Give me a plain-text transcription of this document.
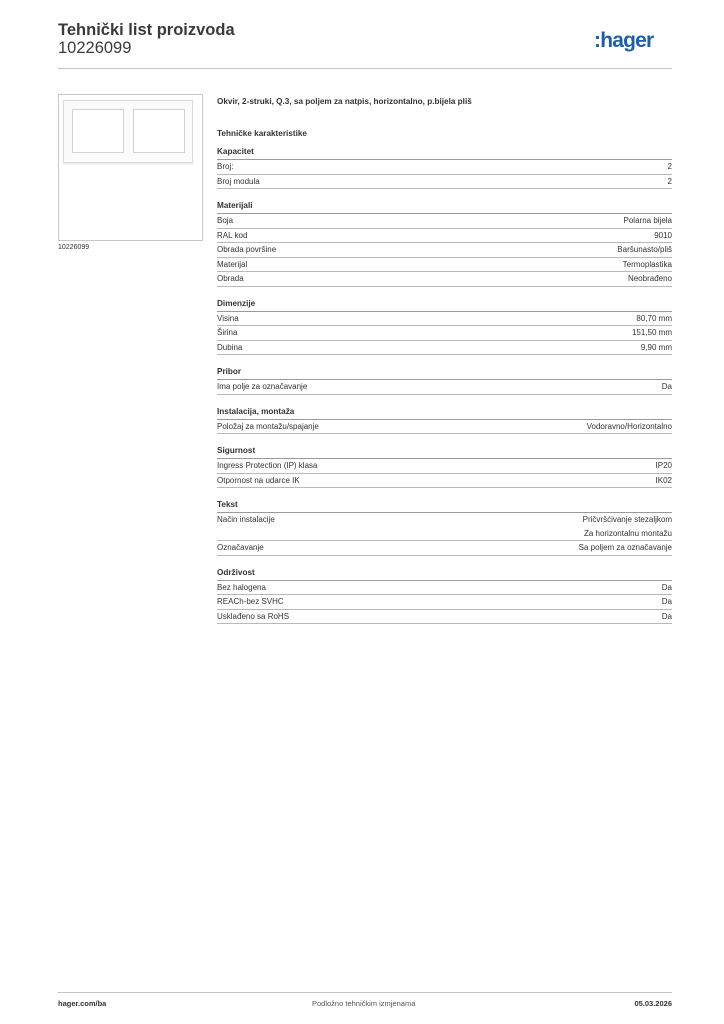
Tehnički list proizvoda
10226099	:hager
10226099
Okvir, 2-struki, Q.3, sa poljem za natpis, horizontalno, p.bijela pliš
Tehničke karakteristike
Kapacitet
Broj:	2
Broj modula	2
Materijali
Boja	Polarna bijela
RAL kod	9010
Obrada površine	Baršunasto/pliš
Materijal	Termoplastika
Obrada	Neobrađeno
Dimenzije
Visina	80,70 mm
Širina	151,50 mm
Dubina	9,90 mm
Pribor
Ima polje za označavanje	Da
Instalacija, montaža
Položaj za montažu/spajanje	Vodoravno/Horizontalno
Sigurnost
Ingress Protection (IP) klasa	IP20
Otpornost na udarce IK	IK02
Tekst
Način instalacije	Pričvršćivanje stezaljkom
Za horizontalnu montažu
Označavanje	Sa poljem za označavanje
Održivost
Bez halogena	Da
REACh-bez SVHC	Da
Usklađeno sa RoHS	Da
hager.com/ba	Podložno tehničkim izmjenama	05.03.2026
